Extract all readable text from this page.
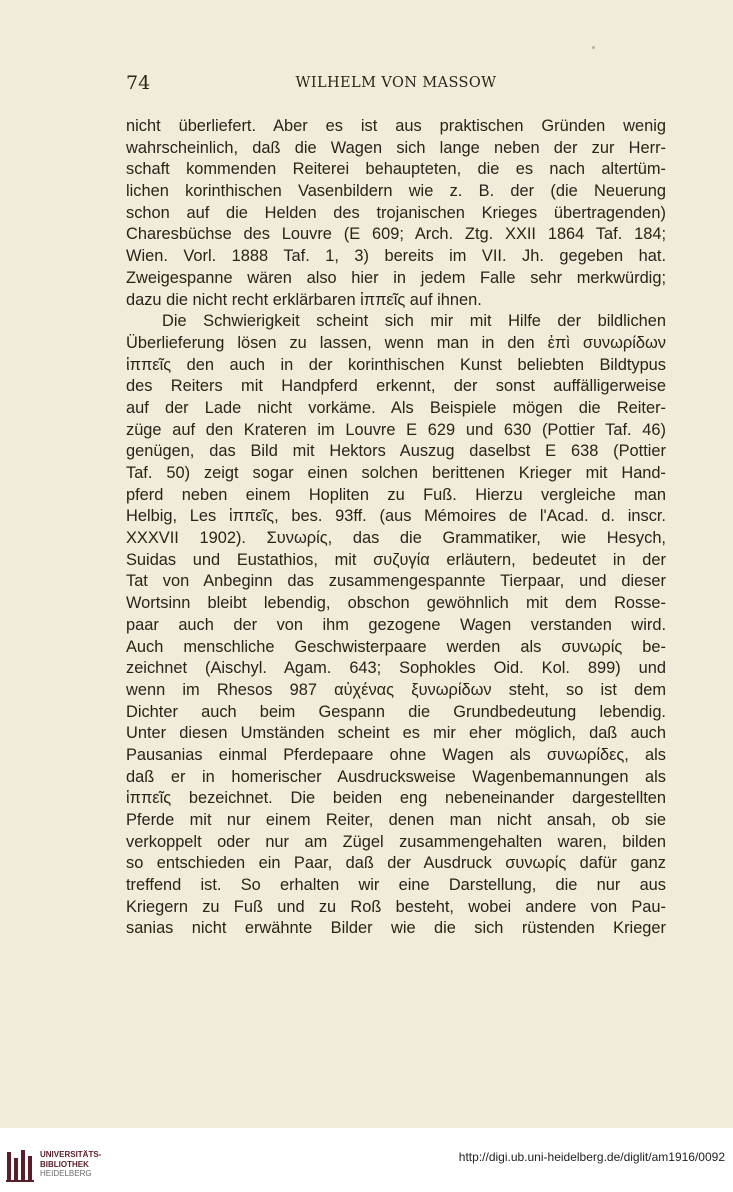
74	WILHELM VON MASSOW
nicht überliefert. Aber es ist aus praktischen Gründen wenig
wahrscheinlich, daß die Wagen sich lange neben der zur Herr-
schaft kommenden Reiterei behaupteten, die es nach altertüm-
lichen korinthischen Vasenbildern wie z. B. der (die Neuerung
schon auf die Helden des trojanischen Krieges übertragenden)
Charesbüchse des Louvre (E 609; Arch. Ztg. XXII 1864 Taf. 184;
Wien. Vorl. 1888 Taf. 1, 3) bereits im VII. Jh. gegeben hat.
Zweigespanne wären also hier in jedem Falle sehr merkwürdig;
dazu die nicht recht erklärbaren ἱππεῖς auf ihnen.
Die Schwierigkeit scheint sich mir mit Hilfe der bildlichen
Überlieferung lösen zu lassen, wenn man in den ἐπὶ συνωρίδων
ἱππεῖς den auch in der korinthischen Kunst beliebten Bildtypus
des Reiters mit Handpferd erkennt, der sonst auffälligerweise
auf der Lade nicht vorkäme. Als Beispiele mögen die Reiter-
züge auf den Krateren im Louvre E 629 und 630 (Pottier Taf. 46)
genügen, das Bild mit Hektors Auszug daselbst E 638 (Pottier
Taf. 50) zeigt sogar einen solchen berittenen Krieger mit Hand-
pferd neben einem Hopliten zu Fuß. Hierzu vergleiche man
Helbig, Les ἱππεῖς, bes. 93ff. (aus Mémoires de l'Acad. d. inscr.
XXXVII 1902). Συνωρίς, das die Grammatiker, wie Hesych,
Suidas und Eustathios, mit συζυγία erläutern, bedeutet in der
Tat von Anbeginn das zusammengespannte Tierpaar, und dieser
Wortsinn bleibt lebendig, obschon gewöhnlich mit dem Rosse-
paar auch der von ihm gezogene Wagen verstanden wird.
Auch menschliche Geschwisterpaare werden als συνωρίς be-
zeichnet (Aischyl. Agam. 643; Sophokles Oid. Kol. 899) und
wenn im Rhesos 987 αὐχένας ξυνωρίδων steht, so ist dem
Dichter auch beim Gespann die Grundbedeutung lebendig.
Unter diesen Umständen scheint es mir eher möglich, daß auch
Pausanias einmal Pferdepaare ohne Wagen als συνωρίδες, als
daß er in homerischer Ausdrucksweise Wagenbemannungen als
ἱππεῖς bezeichnet. Die beiden eng nebeneinander dargestellten
Pferde mit nur einem Reiter, denen man nicht ansah, ob sie
verkoppelt oder nur am Zügel zusammengehalten waren, bilden
so entschieden ein Paar, daß der Ausdruck συνωρίς dafür ganz
treffend ist. So erhalten wir eine Darstellung, die nur aus
Kriegern zu Fuß und zu Roß besteht, wobei andere von Pau-
sanias nicht erwähnte Bilder wie die sich rüstenden Krieger
UNIVERSITÄTS-
BIBLIOTHEK
HEIDELBERG
http://digi.ub.uni-heidelberg.de/diglit/am1916/0092
